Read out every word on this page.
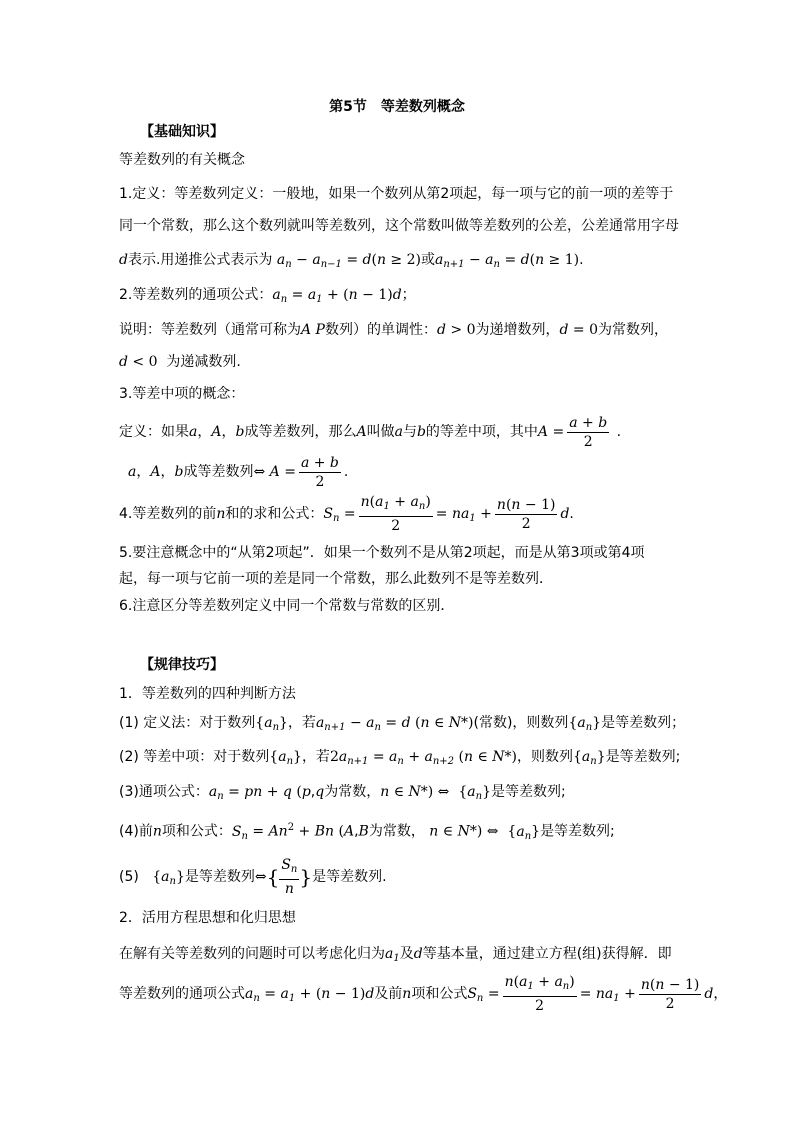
第5节　等差数列概念
【基础知识】
等差数列的有关概念
1.定义：等差数列定义：一般地，如果一个数列从第2项起，每一项与它的前一项的差等于
同一个常数，那么这个数列就叫等差数列，这个常数叫做等差数列的公差，公差通常用字母
d表示.用递推公式表示为 $a_n - a_{n-1} = d(n \ge 2)$或$a_{n+1} - a_n = d(n \ge 1)$.
2.等差数列的通项公式：$a_n = a_1 + (n - 1)d$；
说明：等差数列（通常可称为A P数列）的单调性：d > 0为递增数列，d = 0为常数列，
d < 0 为递减数列.
3.等差中项的概念：
定义：如果a，A，b成等差数列，那么A叫做a与b的等差中项，其中$A = \frac{a + b}{2}$ .
a，A，b成等差数列⇔ $A = \frac{a + b}{2}$ .
4.等差数列的前n和的求和公式：$S_n = \frac{n(a_1 + a_n)}{2} = na_1 + \frac{n(n - 1)}{2} d$.
5.要注意概念中的“从第2项起”．如果一个数列不是从第2项起，而是从第3项或第4项
起，每一项与它前一项的差是同一个常数，那么此数列不是等差数列．
6.注意区分等差数列定义中同一个常数与常数的区别．
【规律技巧】
1．等差数列的四种判断方法
(1) 定义法：对于数列$\{a_n\}$，若$a_{n+1} - a_n = d$ (n ∈ N*)(常数)，则数列$\{a_n\}$是等差数列；
(2) 等差中项：对于数列$\{a_n\}$，若$2a_{n+1} = a_n + a_{n+2}$ (n ∈ N*)，则数列$\{a_n\}$是等差数列;
(3)通项公式：$a_n$ = pn + q (p,q为常数，n ∈ N*) ⇔ $\{a_n\}$是等差数列;
(4)前n项和公式：$S_n = An^2 + Bn$ (A,B为常数， n ∈ N*) ⇔ $\{a_n\}$是等差数列;
(5) $\{a_n\}$是等差数列⇔{ $\frac{S_n}{n}$ }是等差数列.
2．活用方程思想和化归思想
在解有关等差数列的问题时可以考虑化归为$a_1$及d等基本量，通过建立方程(组)获得解．即
等差数列的通项公式$a_n = a_1 + (n - 1)d$及前n项和公式$S_n = \frac{n(a_1 + a_n)}{2} = na_1 + \frac{n(n - 1)}{2}$ d，
